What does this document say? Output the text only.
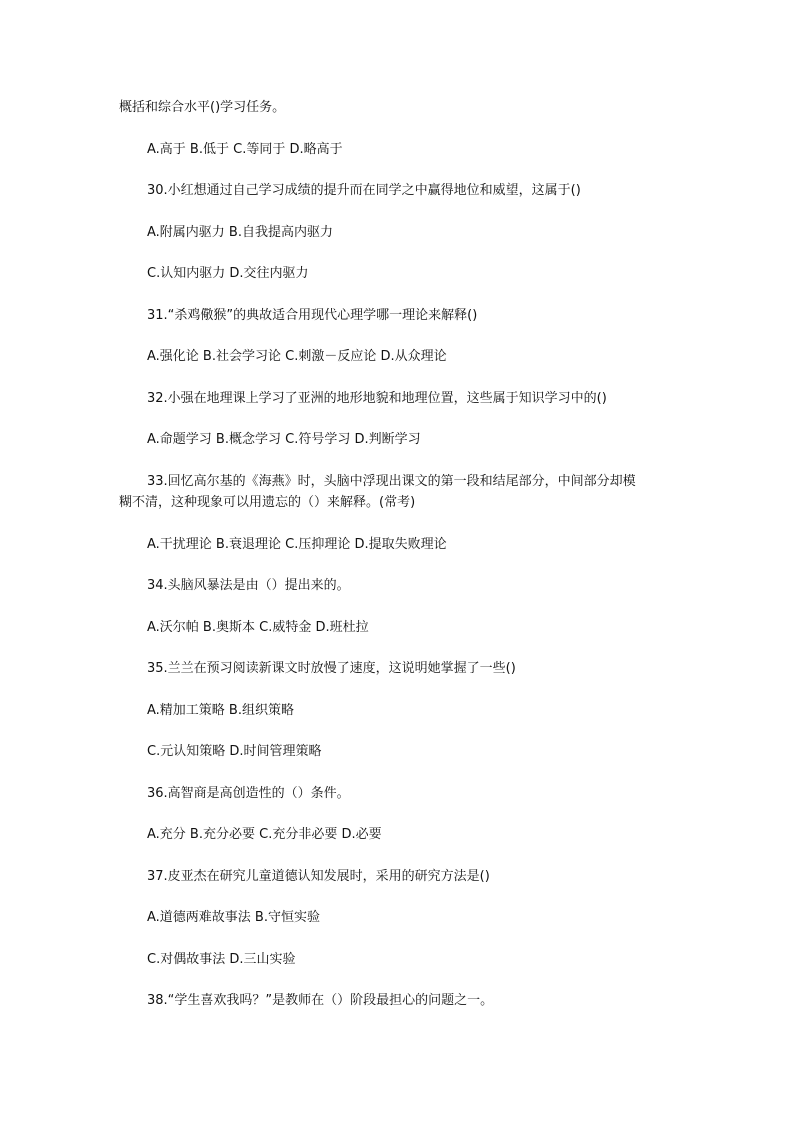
概括和综合水平()学习任务。
A.高于 B.低于 C.等同于 D.略高于
30.小红想通过自己学习成绩的提升而在同学之中赢得地位和威望，这属于()
A.附属内驱力 B.自我提高内驱力
C.认知内驱力 D.交往内驱力
31.“杀鸡儆猴”的典故适合用现代心理学哪一理论来解释()
A.强化论 B.社会学习论 C.刺激－反应论 D.从众理论
32.小强在地理课上学习了亚洲的地形地貌和地理位置，这些属于知识学习中的()
A.命题学习 B.概念学习 C.符号学习 D.判断学习
33.回忆高尔基的《海燕》时，头脑中浮现出课文的第一段和结尾部分，中间部分却模
糊不清，这种现象可以用遗忘的（）来解释。(常考)
A.干扰理论 B.衰退理论 C.压抑理论 D.提取失败理论
34.头脑风暴法是由（）提出来的。
A.沃尔帕 B.奥斯本 C.威特金 D.班杜拉
35.兰兰在预习阅读新课文时放慢了速度，这说明她掌握了一些()
A.精加工策略 B.组织策略
C.元认知策略 D.时间管理策略
36.高智商是高创造性的（）条件。
A.充分 B.充分必要 C.充分非必要 D.必要
37.皮亚杰在研究儿童道德认知发展时，采用的研究方法是()
A.道德两难故事法 B.守恒实验
C.对偶故事法 D.三山实验
38.“学生喜欢我吗？”是教师在（）阶段最担心的问题之一。
